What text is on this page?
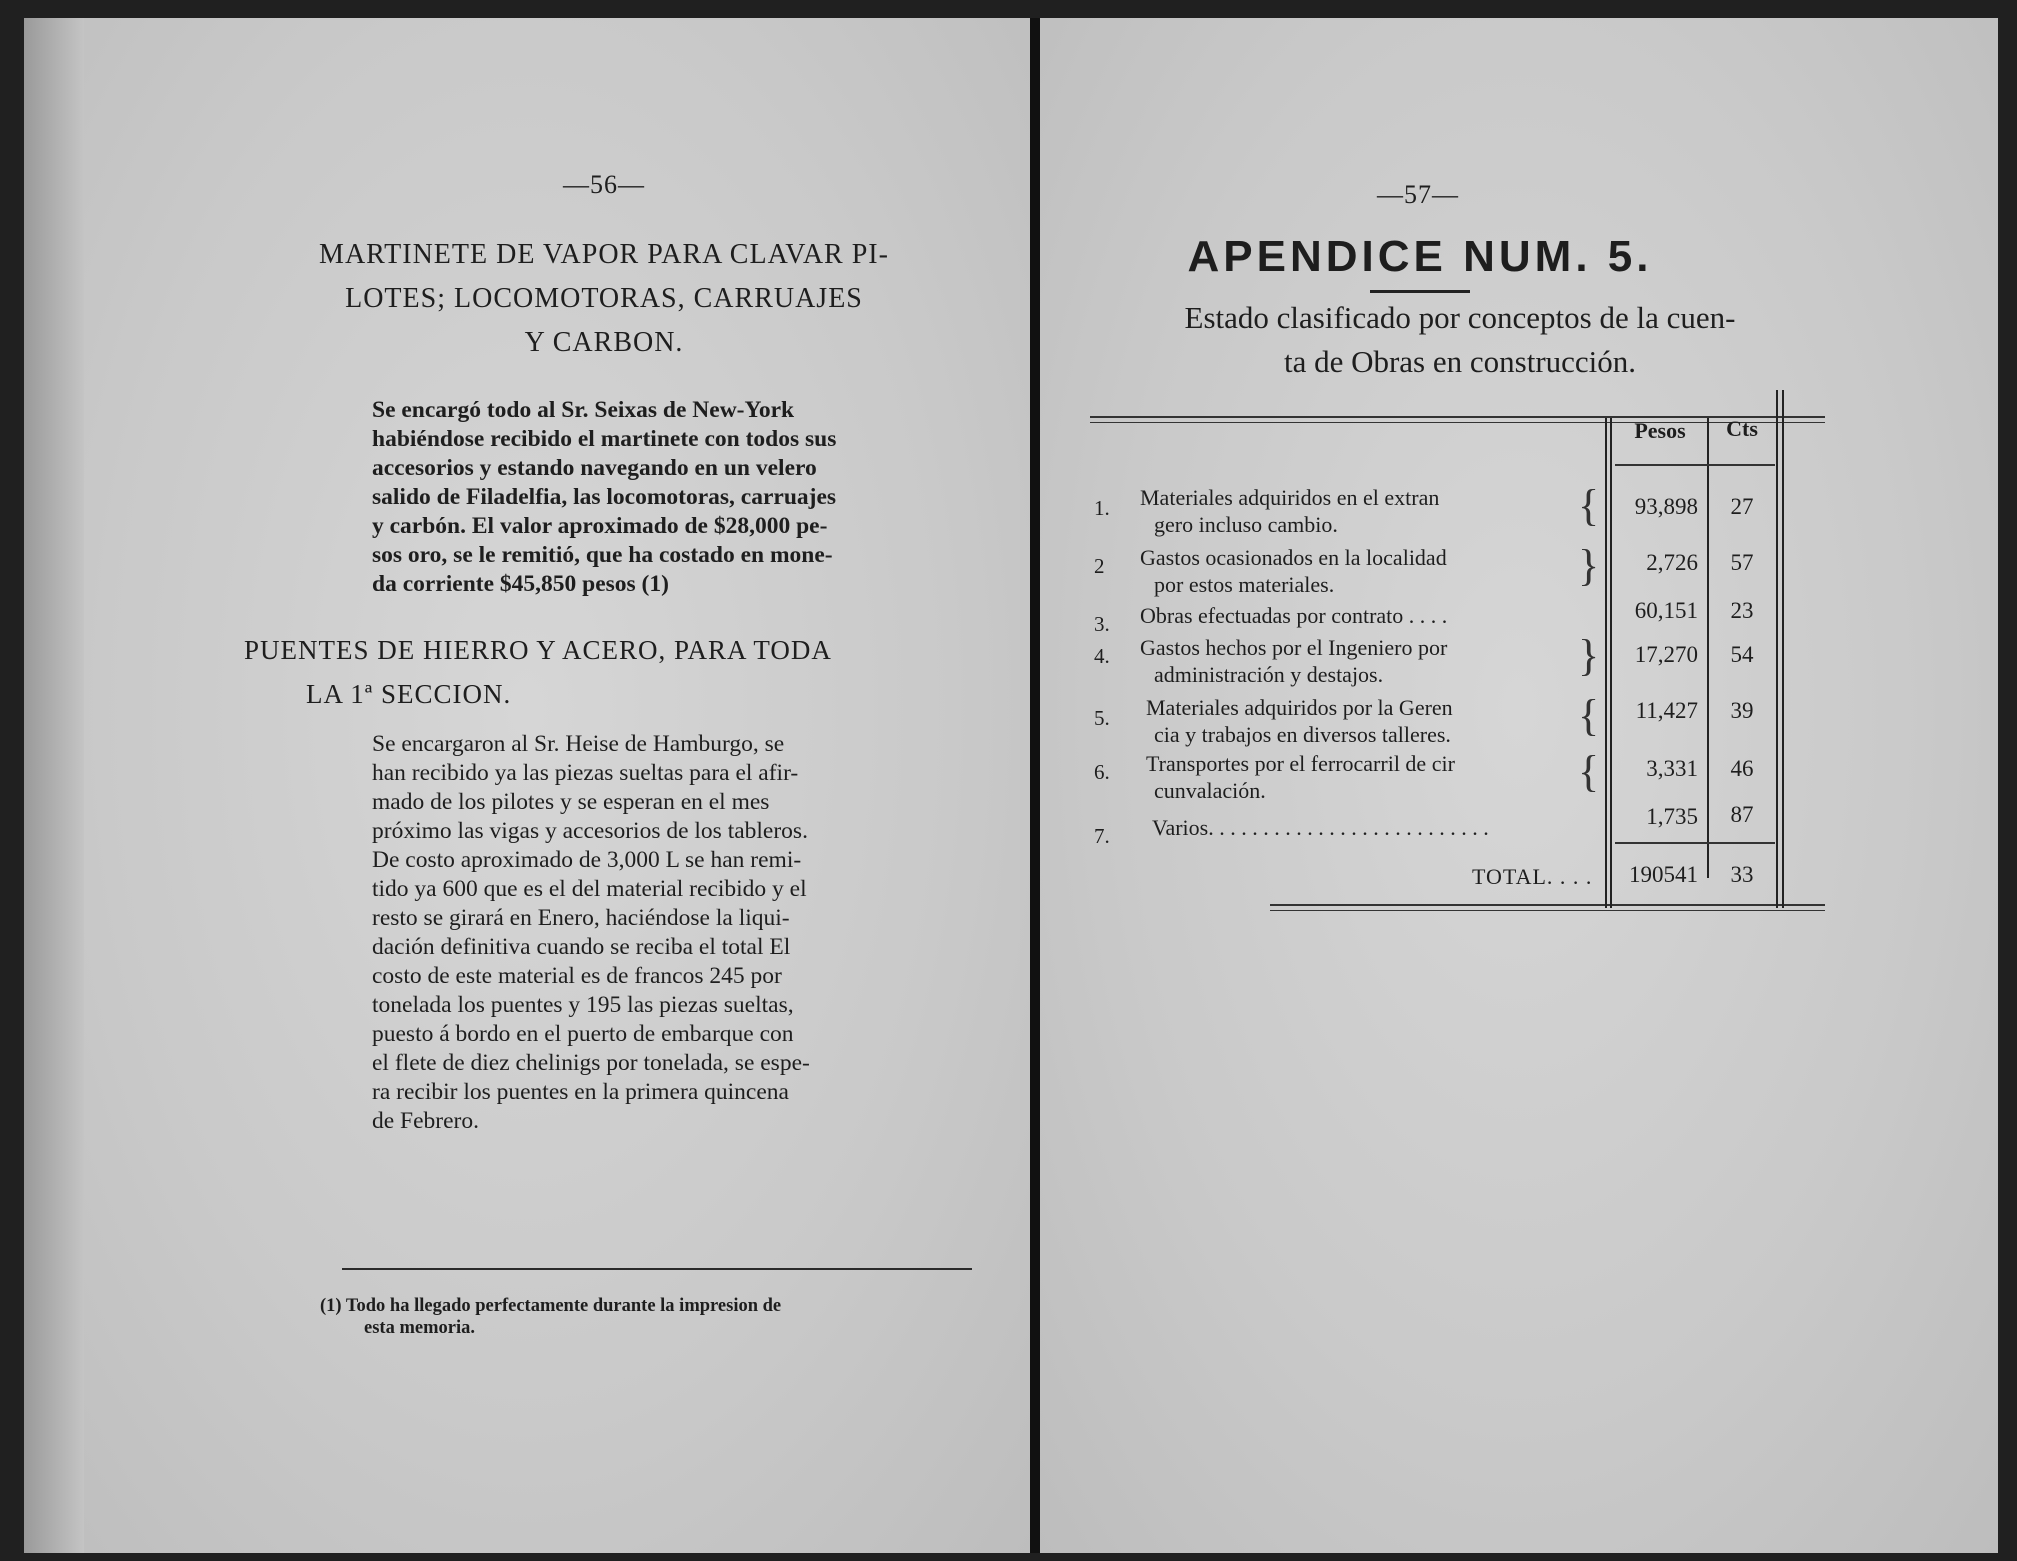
—56—
MARTINETE DE VAPOR PARA CLAVAR PI-
LOTES; LOCOMOTORAS, CARRUAJES
Y CARBON.
Se encargó todo al Sr. Seixas de New-York
habiéndose recibido el martinete con todos sus
accesorios y estando navegando en un velero
salido de Filadelfia, las locomotoras, carruajes
y carbón. El valor aproximado de $28,000 pe-
sos oro, se le remitió, que ha costado en mone-
da corriente $45,850 pesos (1)
PUENTES DE HIERRO Y ACERO, PARA TODA
LA 1ª SECCION.
Se encargaron al Sr. Heise de Hamburgo, se
han recibido ya las piezas sueltas para el afir-
mado de los pilotes y se esperan en el mes
próximo las vigas y accesorios de los tableros.
De costo aproximado de 3,000 L se han remi-
tido ya 600 que es el del material recibido y el
resto se girará en Enero, haciéndose la liqui-
dación definitiva cuando se reciba el total El
costo de este material es de francos 245 por
tonelada los puentes y 195 las piezas sueltas,
puesto á bordo en el puerto de embarque con
el flete de diez chelinigs por tonelada, se espe-
ra recibir los puentes en la primera quincena
de Febrero.
(1) Todo ha llegado perfectamente durante la impresion de
esta memoria.
—57—
APENDICE NUM. 5.
Estado clasificado por conceptos de la cuen-
ta de Obras en construcción.
Pesos	Cts
1. Materiales adquiridos en el extran
gero incluso cambio.	{	93,898	27
2 Gastos ocasionados en la localidad
por estos materiales.	}	2,726	57
3. Obras efectuadas por contrato . . . .	60,151	23
4. Gastos hechos por el Ingeniero por
administración y destajos.	}	17,270	54
5. Materiales adquiridos por la Geren
cia y trabajos en diversos talleres.	{	11,427	39
6. Transportes por el ferrocarril de cir
cunvalación.	{	3,331	46
7. Varios. . . . . . . . . . . . . . . . . . . . . . . . . .	1,735	87
TOTAL. . . .	190541	33
